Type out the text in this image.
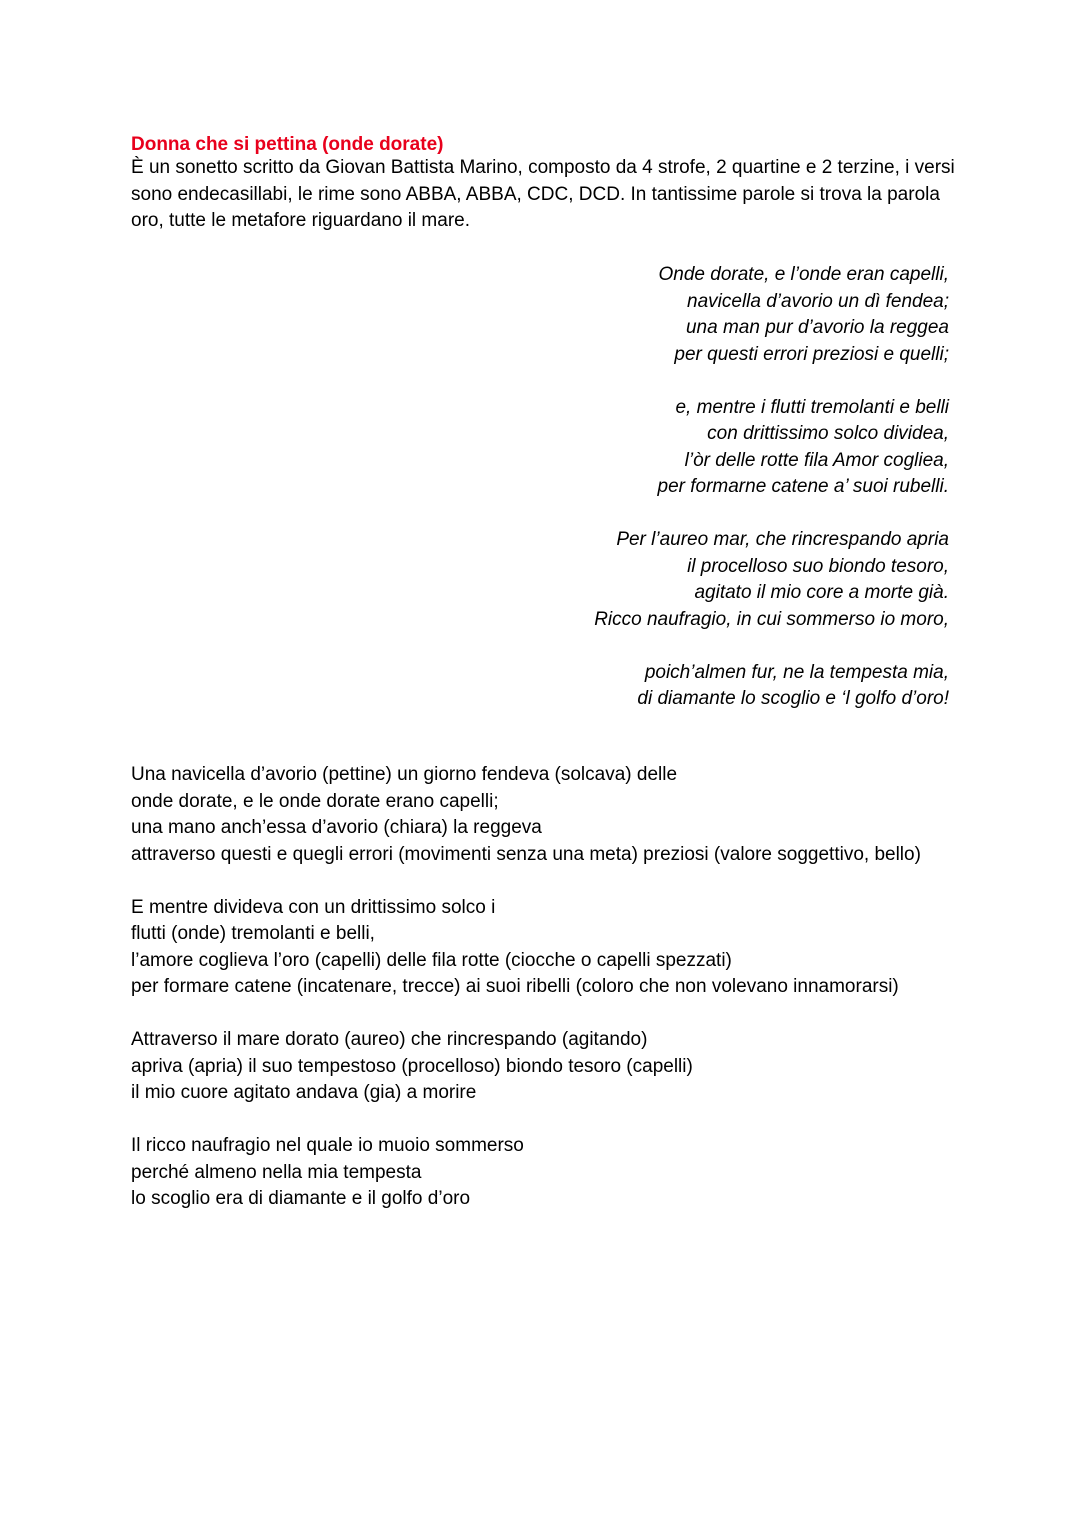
Donna che si pettina (onde dorate)

È un sonetto scritto da Giovan Battista Marino, composto da 4 strofe, 2 quartine e 2 terzine, i versi sono endecasillabi, le rime sono ABBA, ABBA, CDC, DCD. In tantissime parole si trova la parola oro, tutte le metafore riguardano il mare.

Onde dorate, e l’onde eran capelli,
navicella d’avorio un dì fendea;
una man pur d’avorio la reggea
per questi errori preziosi e quelli;
e, mentre i flutti tremolanti e belli
con drittissimo solco dividea,
l’òr delle rotte fila Amor cogliea,
per formarne catene a’ suoi rubelli.
Per l’aureo mar, che rincrespando apria
il procelloso suo biondo tesoro,
agitato il mio core a morte già.
Ricco naufragio, in cui sommerso io moro,
poich’almen fur, ne la tempesta mia,
di diamante lo scoglio e ‘l golfo d’oro!
Una navicella d’avorio (pettine) un giorno fendeva (solcava) delle
onde dorate, e le onde dorate erano capelli;
una mano anch’essa d’avorio (chiara) la reggeva
attraverso questi e quegli errori (movimenti senza una meta) preziosi (valore soggettivo, bello)
E mentre divideva con un drittissimo solco i
flutti (onde) tremolanti e belli,
l’amore coglieva l’oro (capelli) delle fila rotte (ciocche o capelli spezzati)
per formare catene (incatenare, trecce) ai suoi ribelli (coloro che non volevano innamorarsi)
Attraverso il mare dorato (aureo) che rincrespando (agitando)
apriva (apria) il suo tempestoso (procelloso) biondo tesoro (capelli)
il mio cuore agitato andava (gia) a morire
Il ricco naufragio nel quale io muoio sommerso
perché almeno nella mia tempesta
lo scoglio era di diamante e il golfo d’oro
